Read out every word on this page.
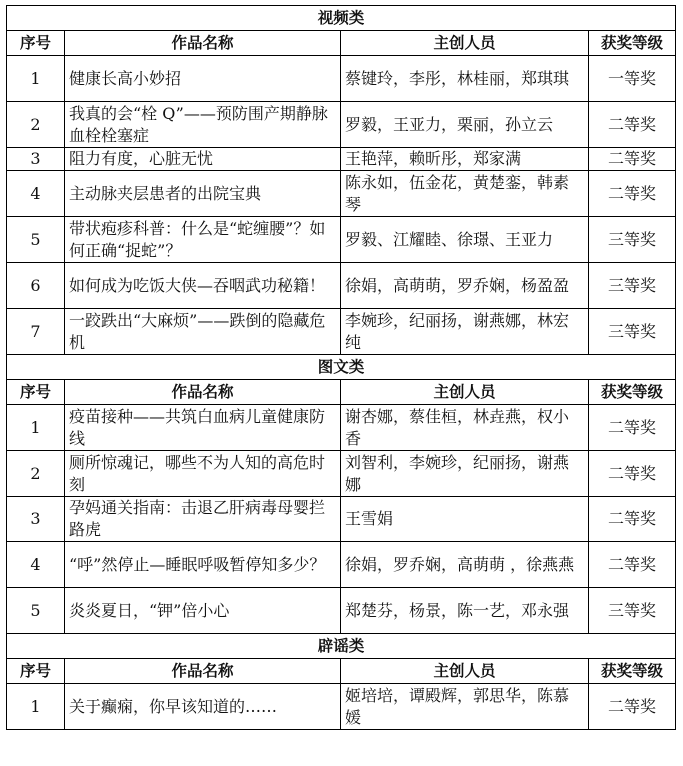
视频类			
序号	作品名称	主创人员	获奖等级
1	健康长高小妙招	蔡键玲，李彤，林桂丽，郑琪琪	一等奖
2	我真的会“栓 Q”——预防围产期静脉血栓栓塞症	罗毅，王亚力，栗丽，孙立云	二等奖
3	阻力有度，心脏无忧	王艳萍，赖昕彤，郑家满	二等奖
4	主动脉夹层患者的出院宝典	陈永如，伍金花，黄楚銮，韩素琴	二等奖
5	带状疱疹科普：什么是“蛇缠腰”？如何正确“捉蛇”？	罗毅、江耀睦、徐璟、王亚力	三等奖
6	如何成为吃饭大侠—吞咽武功秘籍！	徐娟，高萌萌，罗乔娴，杨盈盈	三等奖
7	一跤跌出“大麻烦”——跌倒的隐藏危机	李婉珍，纪丽扬，谢燕娜，林宏纯	三等奖
图文类			
序号	作品名称	主创人员	获奖等级
1	疫苗接种——共筑白血病儿童健康防线	谢杏娜，蔡佳桓，林垚燕，权小香	二等奖
2	厕所惊魂记，哪些不为人知的高危时刻	刘智利，李婉珍，纪丽扬，谢燕娜	二等奖
3	孕妈通关指南：击退乙肝病毒母婴拦路虎	王雪娟	二等奖
4	“呼”然停止—睡眠呼吸暂停知多少？	徐娟，罗乔娴，高萌萌 ，徐燕燕	二等奖
5	炎炎夏日，“钾”倍小心	郑楚芬，杨景，陈一艺，邓永强	三等奖
辟谣类			
序号	作品名称	主创人员	获奖等级
1	关于癫痫，你早该知道的……	姬培培，谭殿辉，郭思华，陈慕媛	二等奖
